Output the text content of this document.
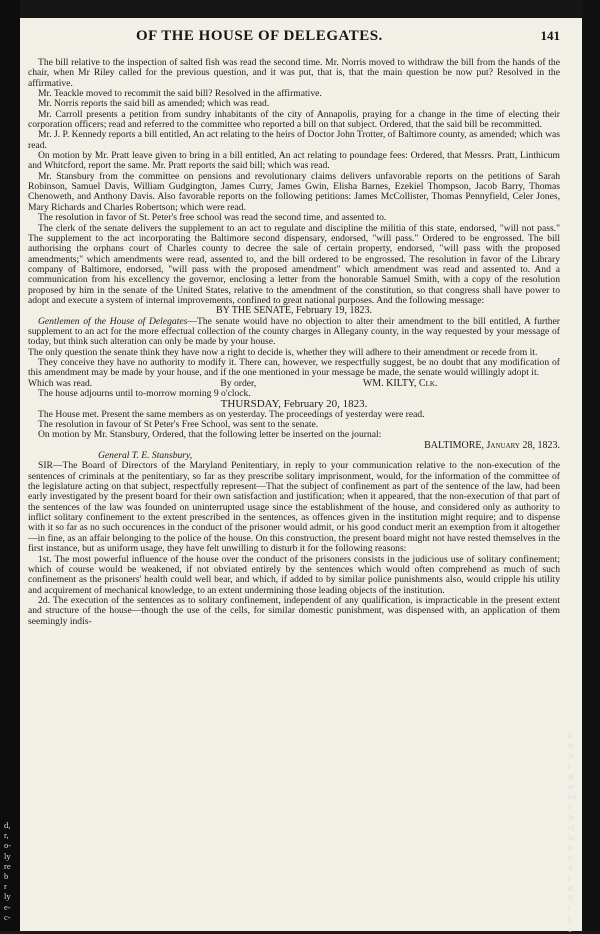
OF THE HOUSE OF DELEGATES.	141

The bill relative to the inspection of salted fish was read the second time. Mr. Norris moved to withdraw the bill from the hands of the chair, when Mr Riley called for the previous question, and it was put, that is, that the main question be now put? Resolved in the affirmative.

Mr. Teackle moved to recommit the said bill? Resolved in the affirmative.

Mr. Norris reports the said bill as amended; which was read.

Mr. Carroll presents a petition from sundry inhabitants of the city of Annapolis, praying for a change in the time of electing their corporation officers; read and referred to the committee who reported a bill on that subject. Ordered, that the said bill be recommitted.

Mr. J. P. Kennedy reports a bill entitled, An act relating to the heirs of Doctor John Trotter, of Baltimore county, as amended; which was read.

On motion by Mr. Pratt leave given to bring in a bill entitled, An act relating to poundage fees: Ordered, that Messrs. Pratt, Linthicum and Whitcford, report the same. Mr. Pratt reports the said bill; which was read.

Mr. Stansbury from the committee on pensions and revolutionary claims delivers unfavorable reports on the petitions of Sarah Robinson, Samuel Davis, William Gudgington, James Curry, James Gwin, Elisha Barnes, Ezekiel Thompson, Jacob Barry, Thomas Chenoweth, and Anthony Davis. Also favorable reports on the following petitions: James McCollister, Thomas Pennyfield, Celer Jones, Mary Richards and Charles Robertson; which were read.

The resolution in favor of St. Peter's free school was read the second time, and assented to.

The clerk of the senate delivers the supplement to an act to regulate and discipline the militia of this state, endorsed, "will not pass." The supplement to the act incorporating the Baltimore second dispensary, endorsed, "will pass." Ordered to be engrossed. The bill authorising the orphans court of Charles county to decree the sale of certain property, endorsed, "will pass with the proposed amendments;" which amendments were read, assented to, and the bill ordered to be engrossed. The resolution in favor of the Library company of Baltimore, endorsed, "will pass with the proposed amendment" which amendment was read and assented to. And a communication from his excellency the governor, enclosing a letter from the honorable Samuel Smith, with a copy of the resolution proposed by him in the senate of the United States, relative to the amendment of the constitution, so that congress shall have power to adopt and execute a system of internal improvements, confined to great national purposes. And the following message:

BY THE SENATE, February 19, 1823.

Gentlemen of the House of Delegates—The senate would have no objection to alter their amendment to the bill entitled, A further supplement to an act for the more effectual collection of the county charges in Allegany county, in the way requested by your message of today, but think such alteration can only be made by your house.

The only question the senate think they have now a right to decide is, whether they will adhere to their amendment or recede from it.

They conceive they have no authority to modify it. There can, however, we respectfully suggest, be no doubt that any modification of this amendment may be made by your house, and if the one mentioned in your message be made, the senate would willingly adopt it.

Which was read.	By order,	WM. KILTY, Clk.

The house adjourns until to-morrow morning 9 o'clock.

THURSDAY, February 20, 1823.

The House met. Present the same members as on yesterday. The proceedings of yesterday were read.

The resolution in favour of St Peter's Free School, was sent to the senate.

On motion by Mr. Stansbury, Ordered, that the following letter be inserted on the journal:

BALTIMORE, January 28, 1823.

General T. E. Stansbury,

SIR—The Board of Directors of the Maryland Penitentiary, in reply to your communication relative to the non-execution of the sentences of criminals at the penitentiary, so far as they prescribe solitary imprisonment, would, for the information of the committee of the legislature acting on that subject, respectfully represent—That the subject of confinement as part of the sentence of the law, had been early investigated by the present board for their own satisfaction and justification; when it appeared, that the non-execution of that part of the sentences of the law was founded on uninterrupted usage since the establishment of the house, and considered only as authority to inflict solitary confinement to the extent prescribed in the sentences, as offences given in the institution might require; and to dispense with it so far as no such occurences in the conduct of the prisoner would admit, or his good conduct merit an exemption from it altogether—in fine, as an affair belonging to the police of the house. On this construction, the present board might not have rested themselves in the first instance, but as uniform usage, they have felt unwilling to disturb it for the following reasons:

1st. The most powerful influence of the house over the conduct of the prisoners consists in the judicious use of solitary confinement; which of course would be weakened, if not obviated entirely by the sentences which would often comprehend as much of such confinement as the prisoners' health could well bear, and which, if added to by similar police punishments also, would cripple his utility and acquirement of mechanical knowledge, to an extent undermining those leading objects of the institution.

2d. The execution of the sentences as to solitary confinement, independent of any qualification, is impracticable in the present extent and structure of the house—though the use of the cells, for similar domestic punishment, was dispensed with, an application of them seemingly indis-

a
te
in
t
at
ar
ed
s
in
of
lo
te
n
d
r
d
ll
t
L
c
d,
r,
o-
ly
re
b
r
ly
e-
c-
